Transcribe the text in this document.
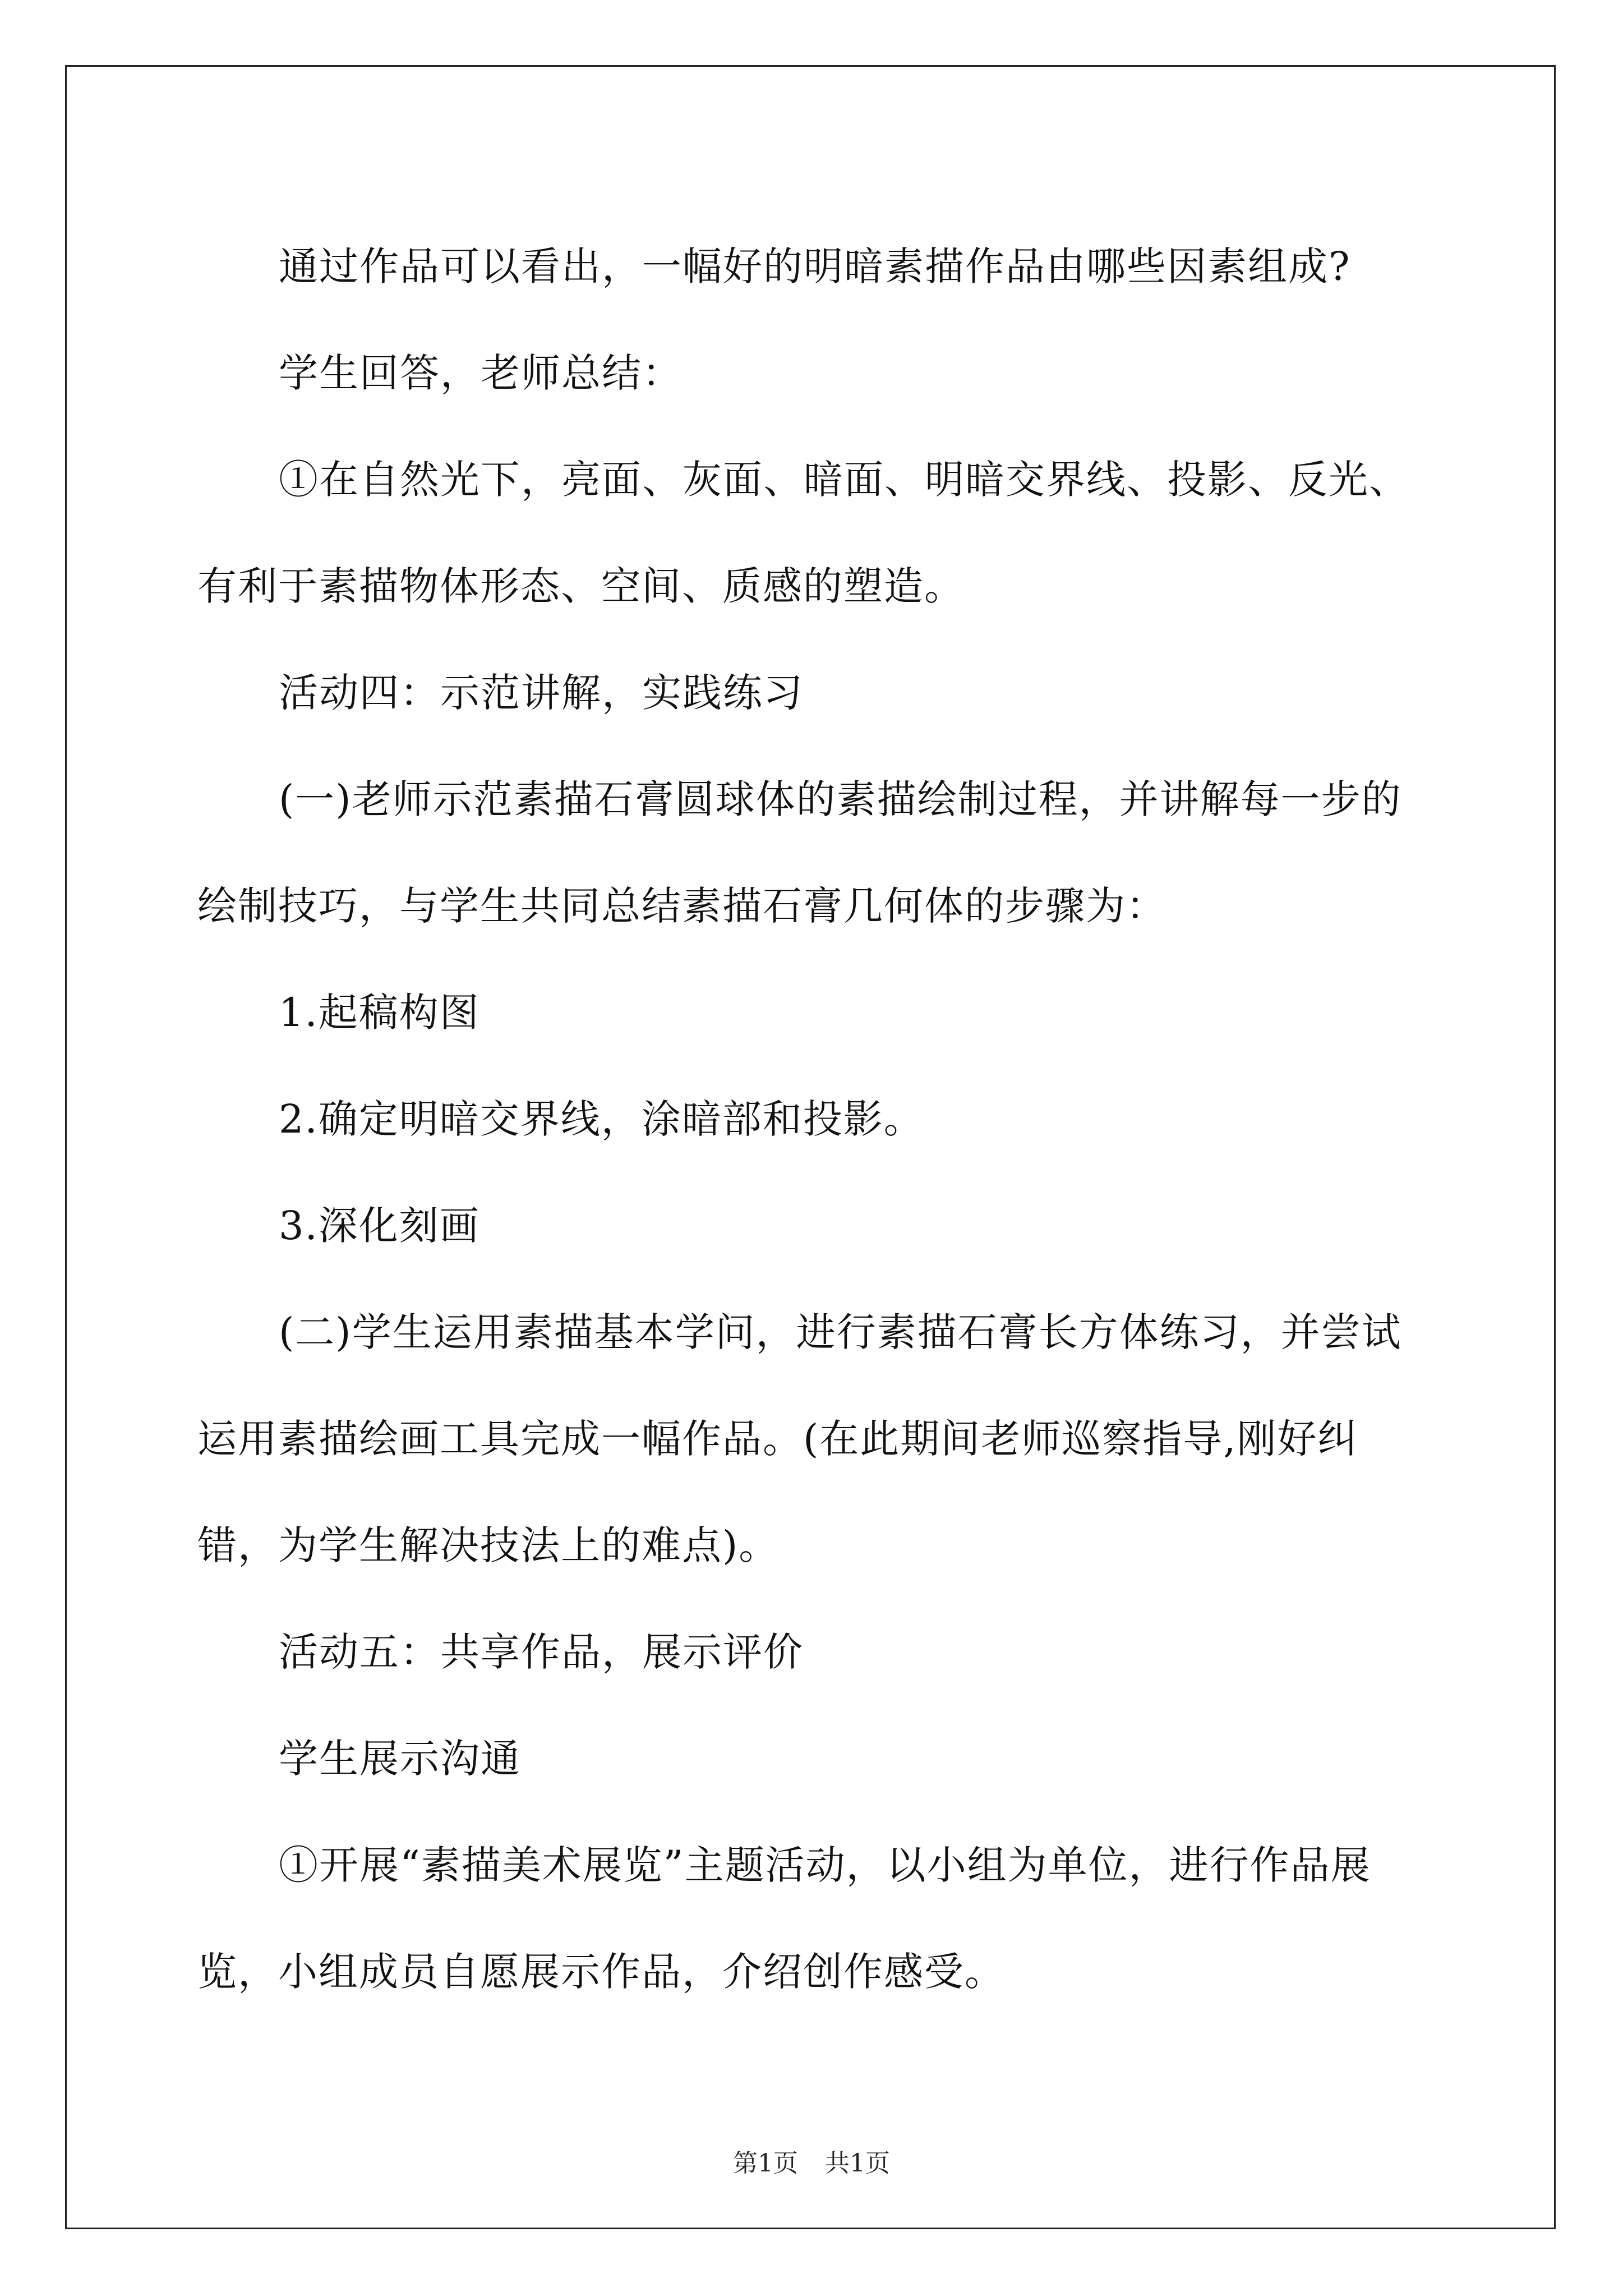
通过作品可以看出，一幅好的明暗素描作品由哪些因素组成?

学生回答，老师总结：

①在自然光下，亮面、灰面、暗面、明暗交界线、投影、反光、有利于素描物体形态、空间、质感的塑造。

活动四：示范讲解，实践练习

(一)老师示范素描石膏圆球体的素描绘制过程，并讲解每一步的绘制技巧，与学生共同总结素描石膏几何体的步骤为：

1.起稿构图

2.确定明暗交界线，涂暗部和投影。

3.深化刻画

(二)学生运用素描基本学问，进行素描石膏长方体练习，并尝试运用素描绘画工具完成一幅作品。(在此期间老师巡察指导,刚好纠错，为学生解决技法上的难点)。

活动五：共享作品，展示评价

学生展示沟通

①开展“素描美术展览”主题活动，以小组为单位，进行作品展览，小组成员自愿展示作品，介绍创作感受。

第1页 共1页
